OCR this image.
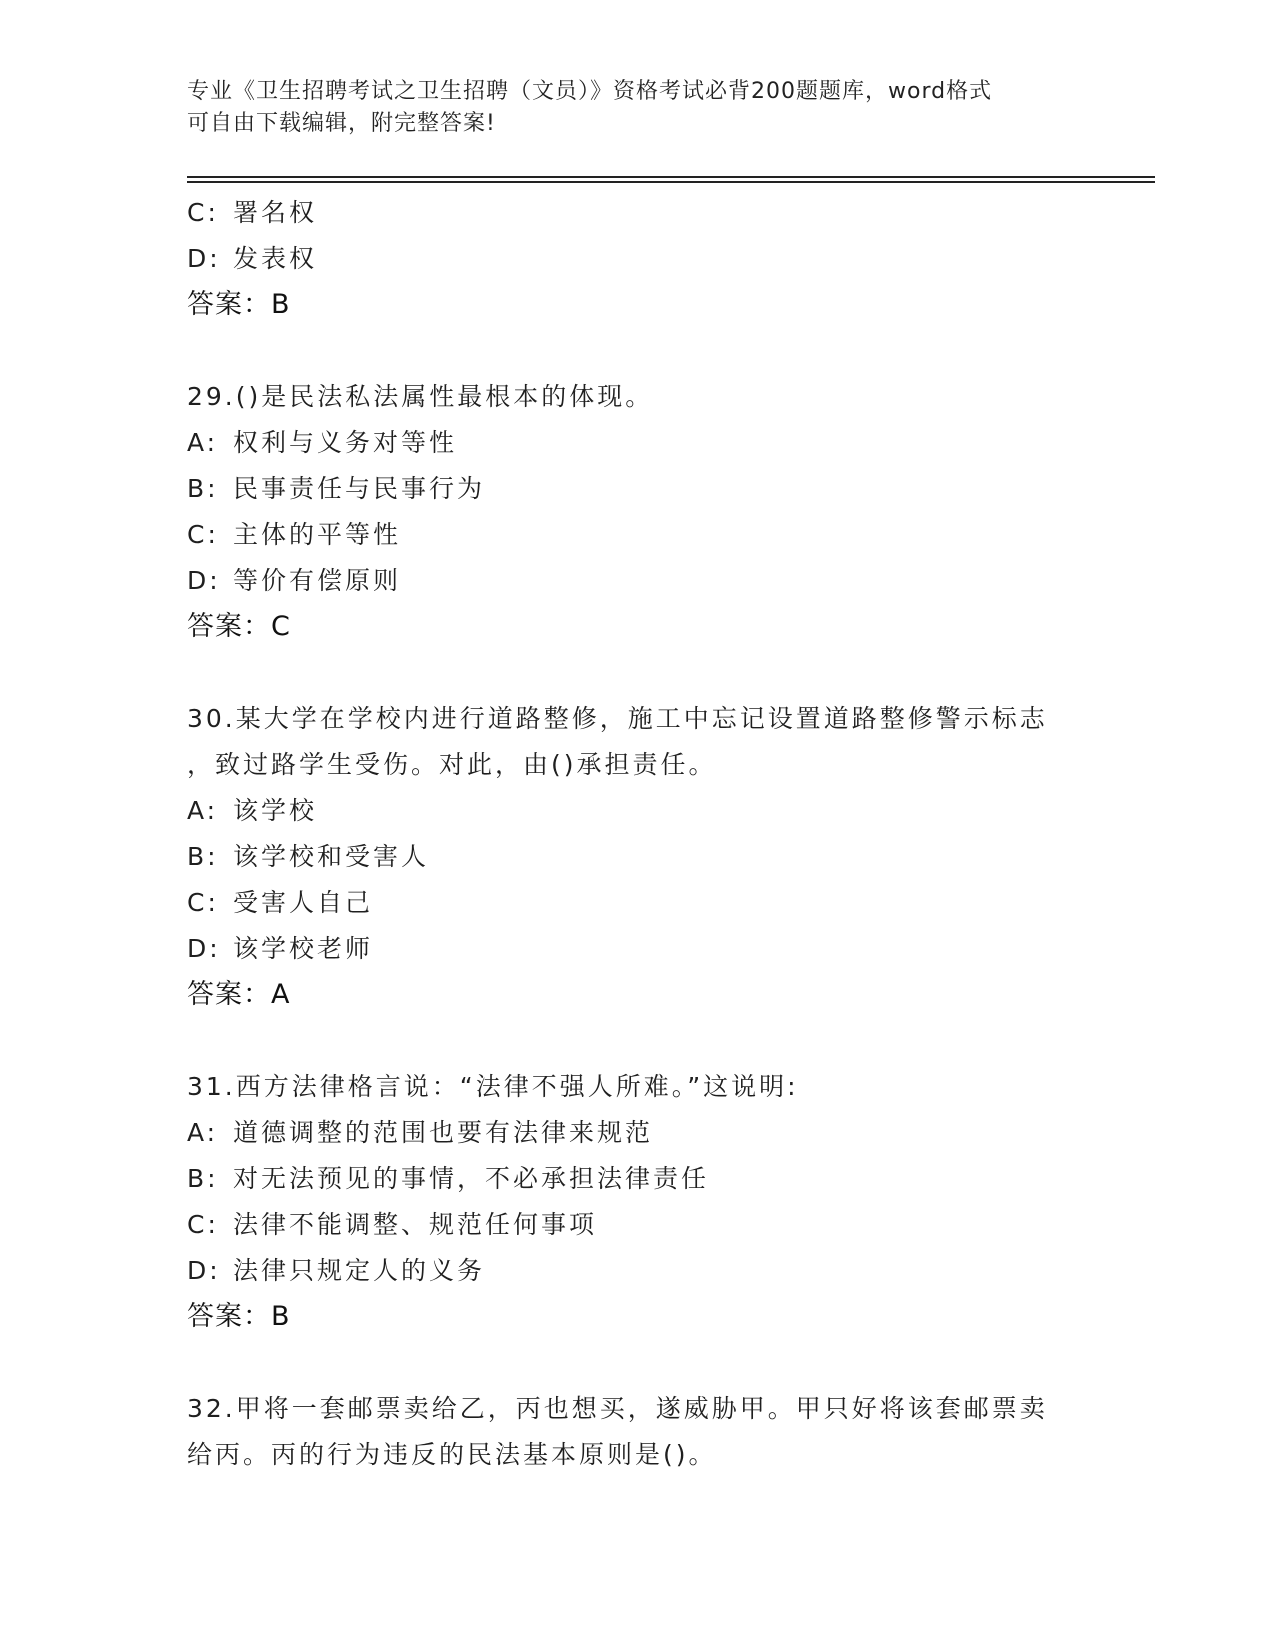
专业《卫生招聘考试之卫生招聘（文员）》资格考试必背200题题库，word格式
可自由下载编辑，附完整答案!
C: 署名权
D: 发表权
答案：B
29.()是民法私法属性最根本的体现。
A: 权利与义务对等性
B: 民事责任与民事行为
C: 主体的平等性
D: 等价有偿原则
答案：C
30.某大学在学校内进行道路整修，施工中忘记设置道路整修警示标志
，致过路学生受伤。对此，由()承担责任。
A: 该学校
B: 该学校和受害人
C: 受害人自己
D: 该学校老师
答案：A
31.西方法律格言说：“法律不强人所难。”这说明:
A: 道德调整的范围也要有法律来规范
B: 对无法预见的事情，不必承担法律责任
C: 法律不能调整、规范任何事项
D: 法律只规定人的义务
答案：B
32.甲将一套邮票卖给乙，丙也想买，遂威胁甲。甲只好将该套邮票卖
给丙。丙的行为违反的民法基本原则是()。
